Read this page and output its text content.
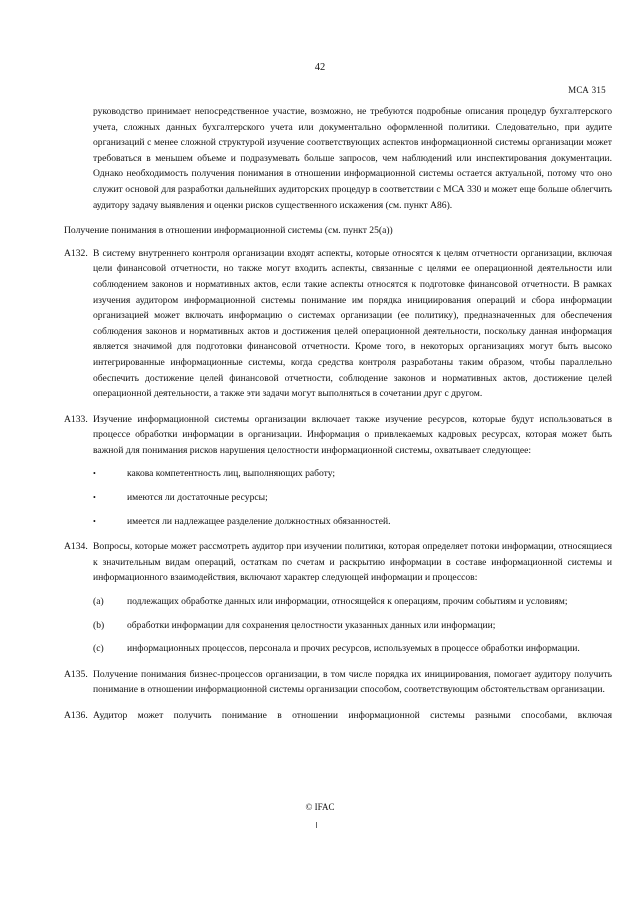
42
МСА 315
руководство принимает непосредственное участие, возможно, не требуются подробные описания процедур бухгалтерского учета, сложных данных бухгалтерского учета или документально оформленной политики. Следовательно, при аудите организаций с менее сложной структурой изучение соответствующих аспектов информационной системы организации может требоваться в меньшем объеме и подразумевать больше запросов, чем наблюдений или инспектирования документации. Однако необходимость получения понимания в отношении информационной системы остается актуальной, потому что оно служит основой для разработки дальнейших аудиторских процедур в соответствии с МСА 330 и может еще больше облегчить аудитору задачу выявления и оценки рисков существенного искажения (см. пункт А86).
Получение понимания в отношении информационной системы (см. пункт 25(а))
А132. В систему внутреннего контроля организации входят аспекты, которые относятся к целям отчетности организации, включая цели финансовой отчетности, но также могут входить аспекты, связанные с целями ее операционной деятельности или соблюдением законов и нормативных актов, если такие аспекты относятся к подготовке финансовой отчетности. В рамках изучения аудитором информационной системы понимание им порядка инициирования операций и сбора информации организацией может включать информацию о системах организации (ее политику), предназначенных для обеспечения соблюдения законов и нормативных актов и достижения целей операционной деятельности, поскольку данная информация является значимой для подготовки финансовой отчетности. Кроме того, в некоторых организациях могут быть высоко интегрированные информационные системы, когда средства контроля разработаны таким образом, чтобы параллельно обеспечить достижение целей финансовой отчетности, соблюдение законов и нормативных актов, достижение целей операционной деятельности, а также эти задачи могут выполняться в сочетании друг с другом.
А133. Изучение информационной системы организации включает также изучение ресурсов, которые будут использоваться в процессе обработки информации в организации. Информация о привлекаемых кадровых ресурсах, которая может быть важной для понимания рисков нарушения целостности информационной системы, охватывает следующее:
•	какова компетентность лиц, выполняющих работу;
•	имеются ли достаточные ресурсы;
•	имеется ли надлежащее разделение должностных обязанностей.
А134. Вопросы, которые может рассмотреть аудитор при изучении политики, которая определяет потоки информации, относящиеся к значительным видам операций, остаткам по счетам и раскрытию информации в составе информационной системы и информационного взаимодействия, включают характер следующей информации и процессов:
(а)	подлежащих обработке данных или информации, относящейся к операциям, прочим событиям и условиям;
(b)	обработки информации для сохранения целостности указанных данных или информации;
(c)	информационных процессов, персонала и прочих ресурсов, используемых в процессе обработки информации.
А135. Получение понимания бизнес-процессов организации, в том числе порядка их инициирования, помогает аудитору получить понимание в отношении информационной системы организации способом, соответствующим обстоятельствам организации.
А136. Аудитор может получить понимание в отношении информационной системы разными способами, включая
© IFAC
